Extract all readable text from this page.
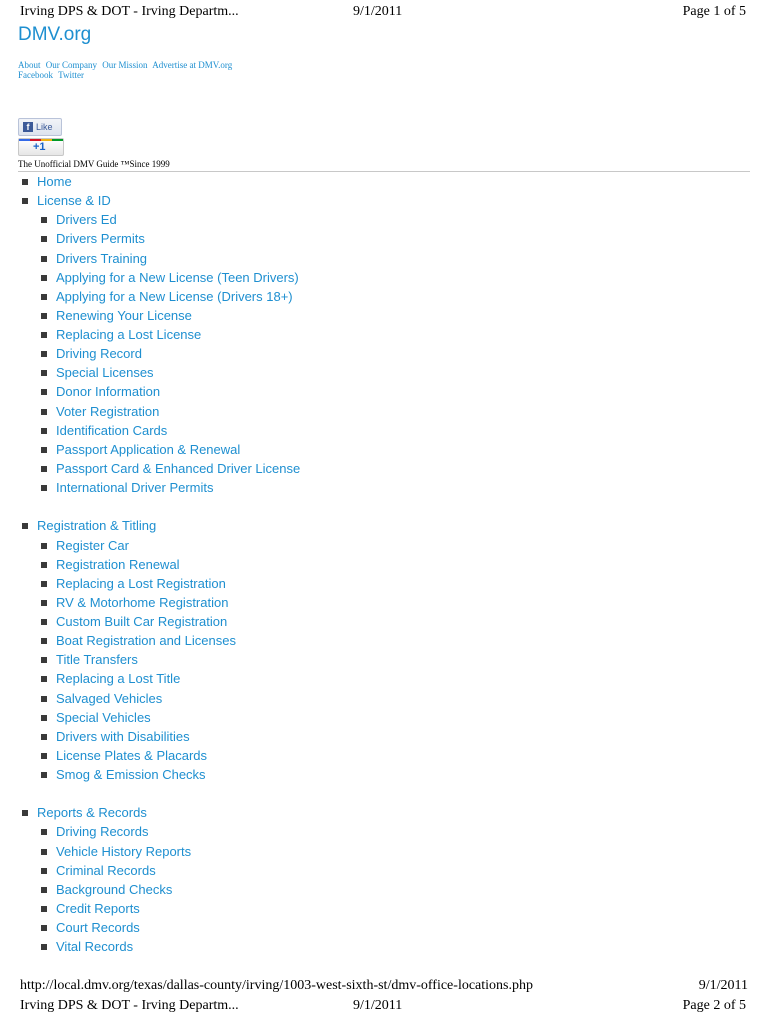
Irving DPS & DOT - Irving Departm...	9/1/2011	Page 1 of 5
DMV.org
About Our Company Our Mission Advertise at DMV.org
Facebook Twitter
f Like
+1
The Unofficial DMV Guide ™Since 1999
Home
License & ID
Drivers Ed
Drivers Permits
Drivers Training
Applying for a New License (Teen Drivers)
Applying for a New License (Drivers 18+)
Renewing Your License
Replacing a Lost License
Driving Record
Special Licenses
Donor Information
Voter Registration
Identification Cards
Passport Application & Renewal
Passport Card & Enhanced Driver License
International Driver Permits
Registration & Titling
Register Car
Registration Renewal
Replacing a Lost Registration
RV & Motorhome Registration
Custom Built Car Registration
Boat Registration and Licenses
Title Transfers
Replacing a Lost Title
Salvaged Vehicles
Special Vehicles
Drivers with Disabilities
License Plates & Placards
Smog & Emission Checks
Reports & Records
Driving Records
Vehicle History Reports
Criminal Records
Background Checks
Credit Reports
Court Records
Vital Records
http://local.dmv.org/texas/dallas-county/irving/1003-west-sixth-st/dmv-office-locations.php	9/1/2011
Irving DPS & DOT - Irving Departm...	9/1/2011	Page 2 of 5
